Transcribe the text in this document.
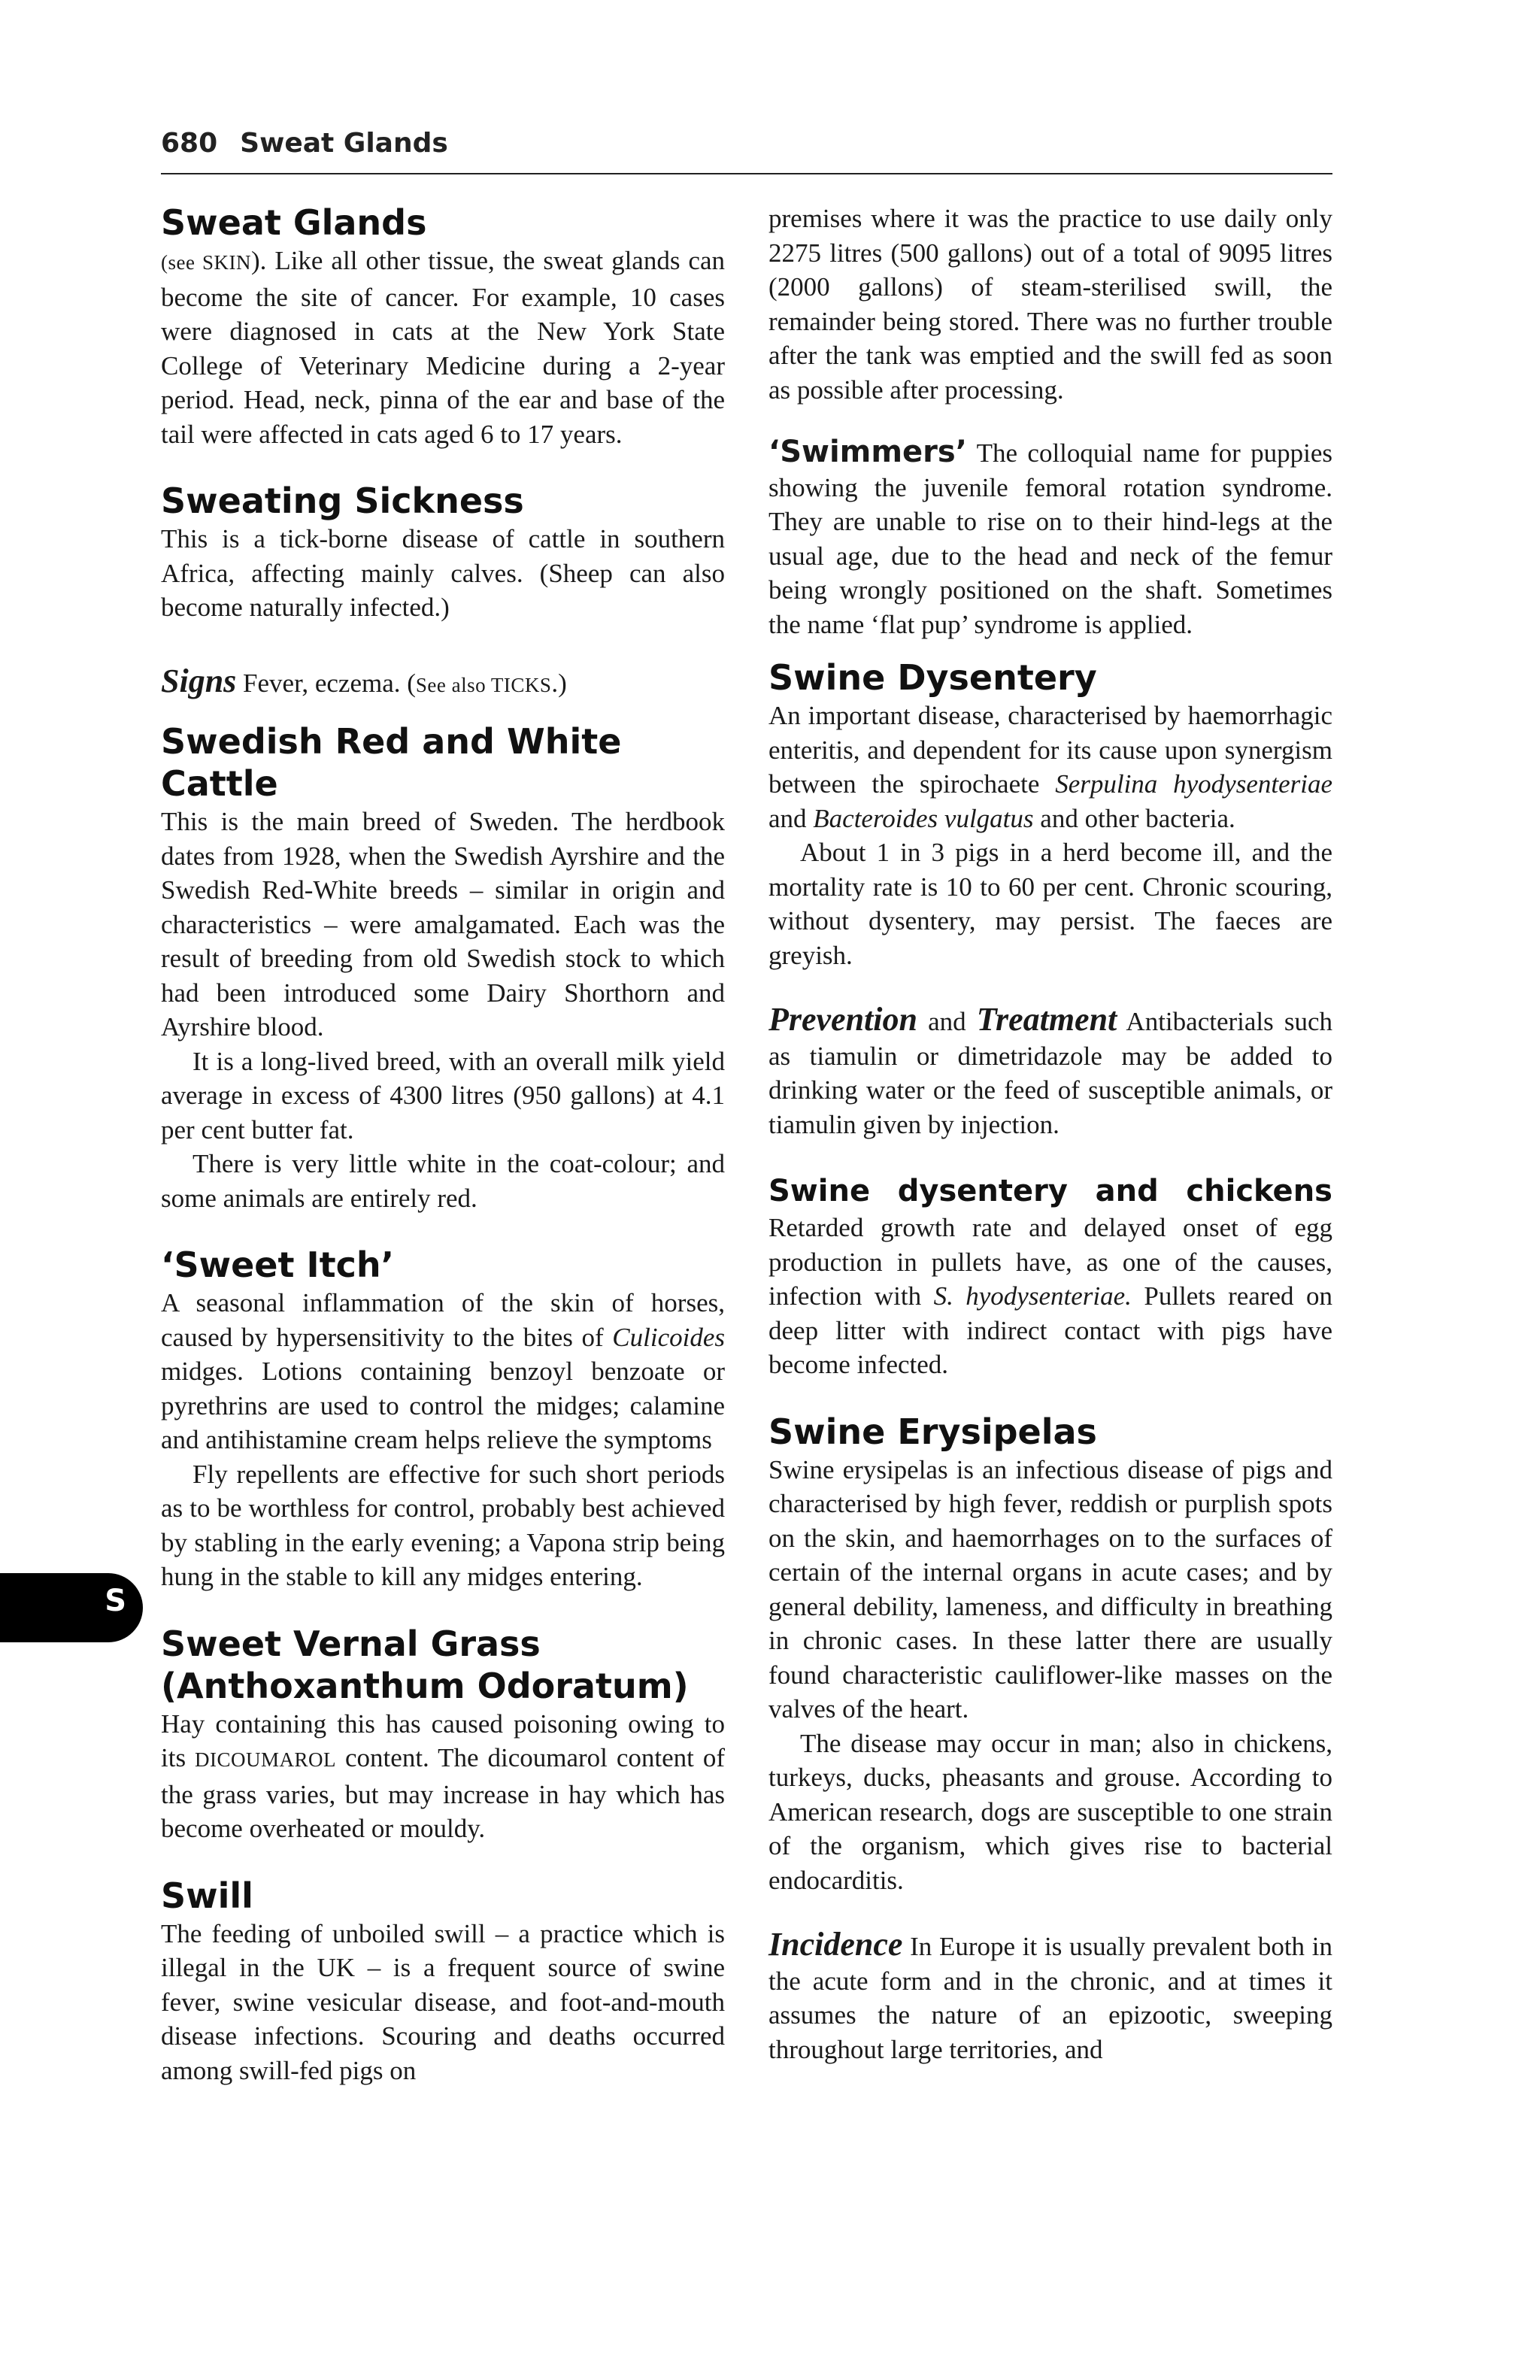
680 Sweat Glands
S
Sweat Glands

(see SKIN). Like all other tissue, the sweat glands can become the site of cancer. For example, 10 cases were diagnosed in cats at the New York State College of Veterinary Medicine during a 2-year period. Head, neck, pinna of the ear and base of the tail were affected in cats aged 6 to 17 years.

Sweating Sickness

This is a tick-borne disease of cattle in southern Africa, affecting mainly calves. (Sheep can also become naturally infected.)

Signs Fever, eczema. (See also TICKS.)

Swedish Red and White Cattle

This is the main breed of Sweden. The herdbook dates from 1928, when the Swedish Ayrshire and the Swedish Red-White breeds – similar in origin and characteristics – were amalgamated. Each was the result of breeding from old Swedish stock to which had been introduced some Dairy Shorthorn and Ayrshire blood.

It is a long-lived breed, with an overall milk yield average in excess of 4300 litres (950 gallons) at 4.1 per cent butter fat.

There is very little white in the coat-colour; and some animals are entirely red.

‘Sweet Itch’

A seasonal inflammation of the skin of horses, caused by hypersensitivity to the bites of Culicoides midges. Lotions containing benzoyl benzoate or pyrethrins are used to control the midges; calamine and antihistamine cream helps relieve the symptoms

Fly repellents are effective for such short periods as to be worthless for control, probably best achieved by stabling in the early evening; a Vapona strip being hung in the stable to kill any midges entering.

Sweet Vernal Grass
(Anthoxanthum Odoratum)

Hay containing this has caused poisoning owing to its DICOUMAROL content. The dicoumarol content of the grass varies, but may increase in hay which has become overheated or mouldy.

Swill

The feeding of unboiled swill – a practice which is illegal in the UK – is a frequent source of swine fever, swine vesicular disease, and foot-and-mouth disease infections. Scouring and deaths occurred among swill-fed pigs on

premises where it was the practice to use daily only 2275 litres (500 gallons) out of a total of 9095 litres (2000 gallons) of steam-sterilised swill, the remainder being stored. There was no further trouble after the tank was emptied and the swill fed as soon as possible after processing.

‘Swimmers’ The colloquial name for puppies showing the juvenile femoral rotation syndrome. They are unable to rise on to their hind-legs at the usual age, due to the head and neck of the femur being wrongly positioned on the shaft. Sometimes the name ‘flat pup’ syndrome is applied.

Swine Dysentery

An important disease, characterised by haemorrhagic enteritis, and dependent for its cause upon synergism between the spirochaete Serpulina hyodysenteriae and Bacteroides vulgatus and other bacteria.

About 1 in 3 pigs in a herd become ill, and the mortality rate is 10 to 60 per cent. Chronic scouring, without dysentery, may persist. The faeces are greyish.

Prevention and Treatment Antibacterials such as tiamulin or dimetridazole may be added to drinking water or the feed of susceptible animals, or tiamulin given by injection.

Swine dysentery and chickens

Retarded growth rate and delayed onset of egg production in pullets have, as one of the causes, infection with S. hyodysenteriae. Pullets reared on deep litter with indirect contact with pigs have become infected.

Swine Erysipelas

Swine erysipelas is an infectious disease of pigs and characterised by high fever, reddish or purplish spots on the skin, and haemorrhages on to the surfaces of certain of the internal organs in acute cases; and by general debility, lameness, and difficulty in breathing in chronic cases. In these latter there are usually found characteristic cauliflower-like masses on the valves of the heart.

The disease may occur in man; also in chickens, turkeys, ducks, pheasants and grouse. According to American research, dogs are susceptible to one strain of the organism, which gives rise to bacterial endocarditis.

Incidence In Europe it is usually prevalent both in the acute form and in the chronic, and at times it assumes the nature of an epizootic, sweeping throughout large territories, and
